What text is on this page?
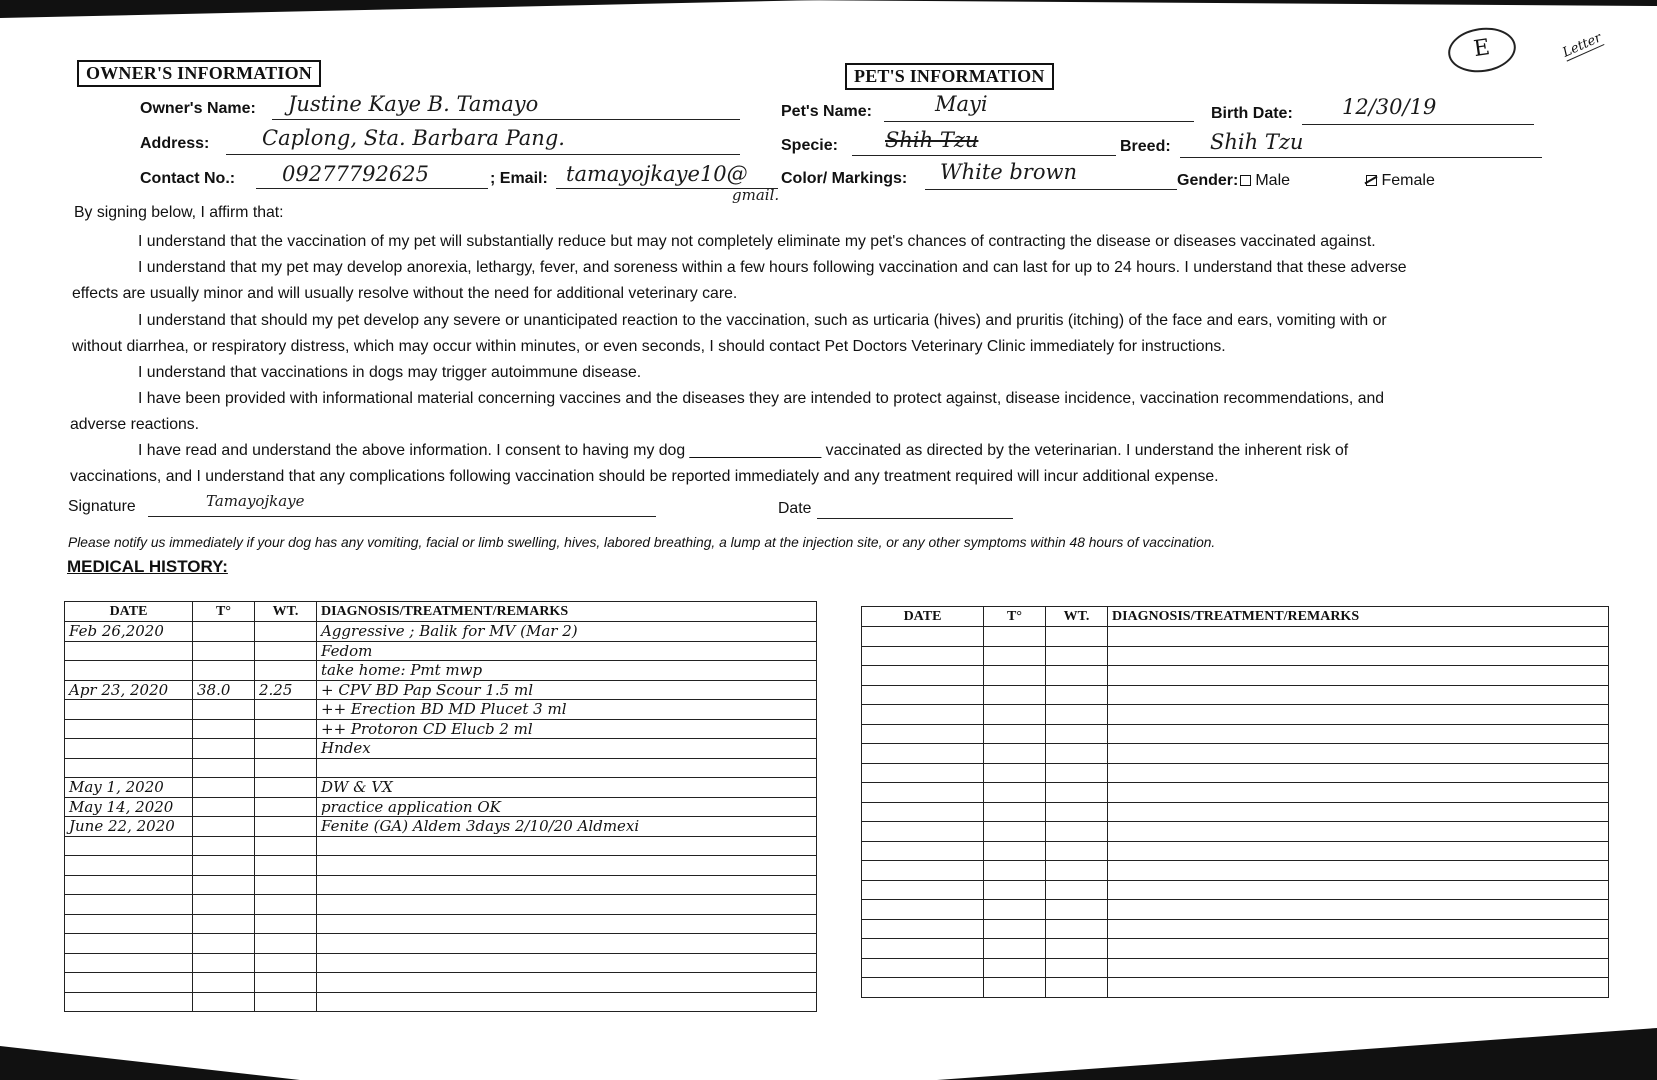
E	Letter
OWNER'S INFORMATION	PET'S INFORMATION
Owner's Name: Justine Kaye B. Tamayo
Address:	Caplong, Sta. Barbara Pang.
Contact No.: 09277792625	; Email: tamayojkaye10@
gmail.
Pet's Name:	Mayi	Birth Date: 12/30/19
Specie: Shih Tzu	Breed: Shih Tzu
Color/ Markings: White brown	Gender: Male	Female
By signing below, I affirm that:
I understand that the vaccination of my pet will substantially reduce but may not completely eliminate my pet's chances of contracting the disease or diseases vaccinated against.
I understand that my pet may develop anorexia, lethargy, fever, and soreness within a few hours following vaccination and can last for up to 24 hours. I understand that these adverse
effects are usually minor and will usually resolve without the need for additional veterinary care.
I understand that should my pet develop any severe or unanticipated reaction to the vaccination, such as urticaria (hives) and pruritis (itching) of the face and ears, vomiting with or
without diarrhea, or respiratory distress, which may occur within minutes, or even seconds, I should contact Pet Doctors Veterinary Clinic immediately for instructions.
I understand that vaccinations in dogs may trigger autoimmune disease.
I have been provided with informational material concerning vaccines and the diseases they are intended to protect against, disease incidence, vaccination recommendations, and
adverse reactions.
I have read and understand the above information. I consent to having my dog _______________ vaccinated as directed by the veterinarian. I understand the inherent risk of
vaccinations, and I understand that any complications following vaccination should be reported immediately and any treatment required will incur additional expense.
Signature	Tamayojkaye	Date
Please notify us immediately if your dog has any vomiting, facial or limb swelling, hives, labored breathing, a lump at the injection site, or any other symptoms within 48 hours of vaccination.
MEDICAL HISTORY:
DATE	T°	WT.	DIAGNOSIS/TREATMENT/REMARKS
Feb 26,2020			Aggressive ; Balik for MV (Mar 2)
			Fedom
			take home: Pmt mwp
Apr 23, 2020	38.0	2.25	+ CPV BD Pap Scour 1.5 ml
			++ Erection BD MD Plucet 3 ml
			++ Protoron CD Elucb 2 ml
			Hndex

May 1, 2020			DW & VX
May 14, 2020			practice application OK
June 22, 2020			Fenite (GA) Aldem 3days 2/10/20 Aldmexi

DATE	T°	WT.	DIAGNOSIS/TREATMENT/REMARKS
